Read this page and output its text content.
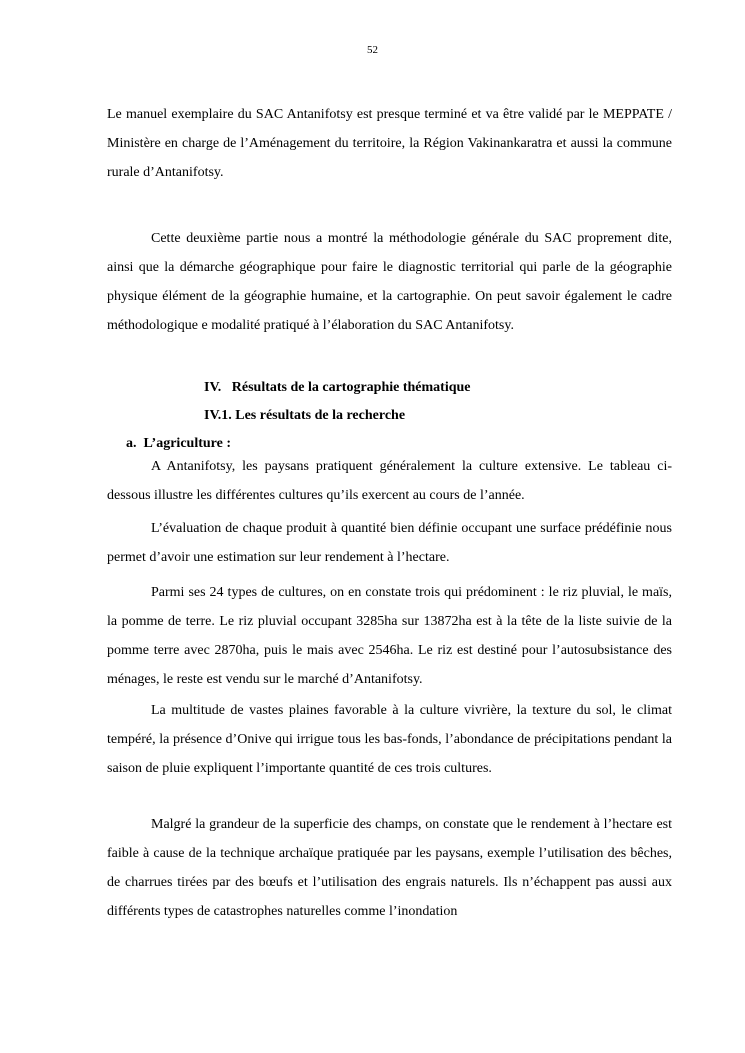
52

Le manuel exemplaire du SAC Antanifotsy est presque terminé et va être validé par le MEPPATE / Ministère en charge de l’Aménagement du territoire, la Région Vakinankaratra et aussi la commune rurale d’Antanifotsy.

Cette deuxième partie nous a montré la méthodologie générale du SAC proprement dite, ainsi que la démarche géographique pour faire le diagnostic territorial qui parle de la géographie physique élément de la géographie humaine, et la cartographie. On peut savoir également le cadre méthodologique e modalité pratiqué à l’élaboration du SAC Antanifotsy.

IV.   Résultats de la cartographie thématique
IV.1. Les résultats de la recherche
a.  L’agriculture :

A Antanifotsy, les paysans pratiquent généralement la culture extensive. Le tableau ci-dessous illustre les différentes cultures qu’ils exercent au cours de l’année.

L’évaluation de chaque produit à quantité bien définie occupant une surface prédéfinie nous permet d’avoir une estimation sur leur rendement à l’hectare.

Parmi ses 24 types de cultures, on en constate trois qui prédominent : le riz pluvial, le maïs, la pomme de terre. Le riz pluvial occupant 3285ha sur 13872ha est à la tête de la liste suivie de la pomme terre avec 2870ha, puis le mais avec 2546ha. Le riz est destiné pour l’autosubsistance des ménages, le reste est vendu sur le marché d’Antanifotsy.

La multitude de vastes plaines favorable à la culture vivrière, la texture du sol, le climat tempéré, la présence d’Onive qui irrigue tous les bas-fonds, l’abondance de précipitations pendant la saison de pluie expliquent l’importante quantité de ces trois cultures.

Malgré la grandeur de la superficie des champs, on constate que le rendement à l’hectare est faible à cause de la technique archaïque pratiquée par les paysans, exemple l’utilisation des bêches, de charrues tirées par des bœufs et l’utilisation des engrais naturels. Ils n’échappent pas aussi aux différents types de catastrophes naturelles comme l’inondation
